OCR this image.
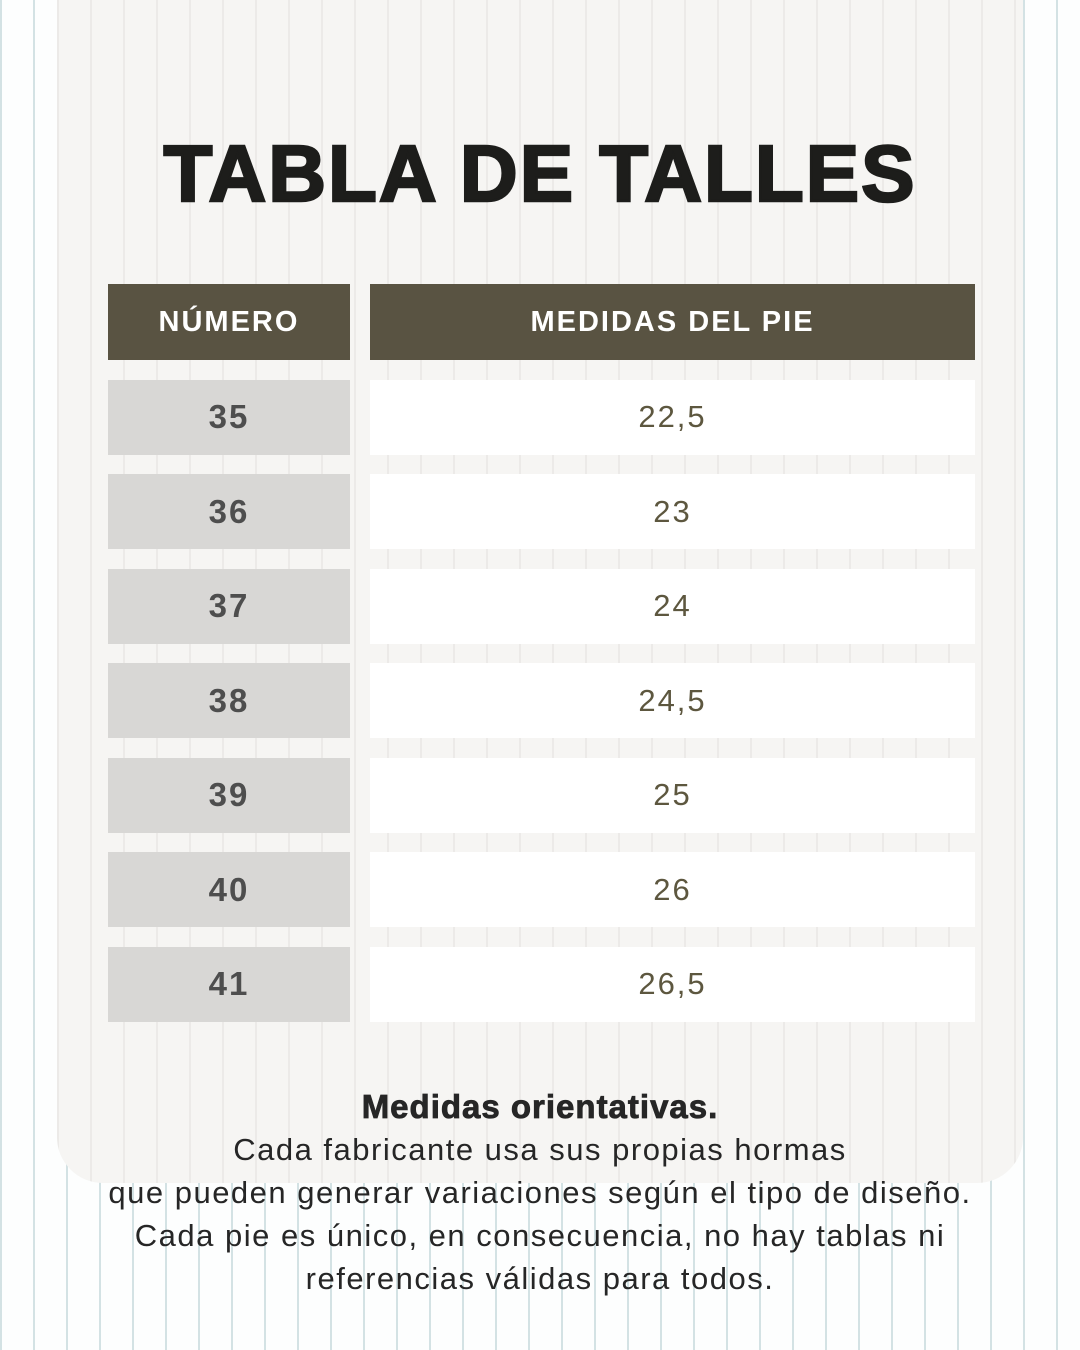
TABLA DE TALLES
NÚMERO	MEDIDAS DEL PIE
35	22,5
36	23
37	24
38	24,5
39	25
40	26
41	26,5
Medidas orientativas.
Cada fabricante usa sus propias hormas
que pueden generar variaciones según el tipo de diseño.
Cada pie es único, en consecuencia, no hay tablas ni
referencias válidas para todos.
